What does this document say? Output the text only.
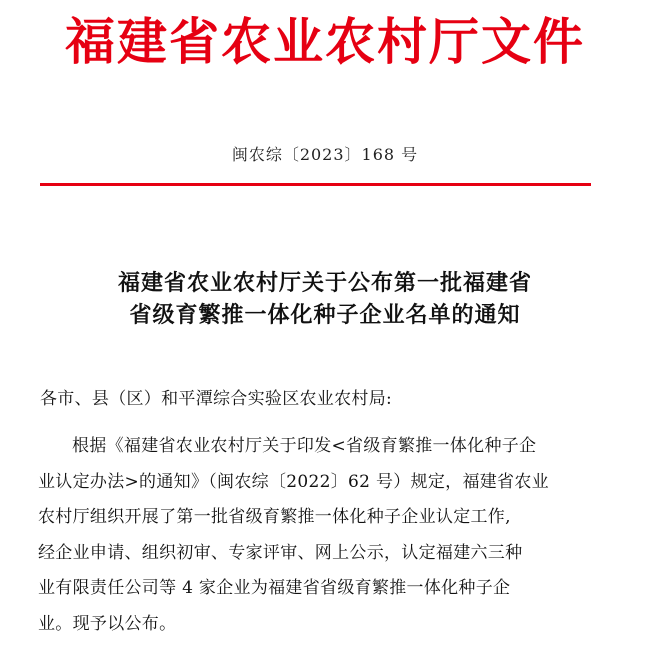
福建省农业农村厅文件
闽农综〔2023〕168 号
福建省农业农村厅关于公布第一批福建省
省级育繁推一体化种子企业名单的通知
各市、县（区）和平潭综合实验区农业农村局:
根据《福建省农业农村厅关于印发<省级育繁推一体化种子企
业认定办法>的通知》（闽农综〔2022〕62 号）规定，福建省农业
农村厅组织开展了第一批省级育繁推一体化种子企业认定工作,
经企业申请、组织初审、专家评审、网上公示，认定福建六三种
业有限责任公司等 4 家企业为福建省省级育繁推一体化种子企
业。现予以公布。
